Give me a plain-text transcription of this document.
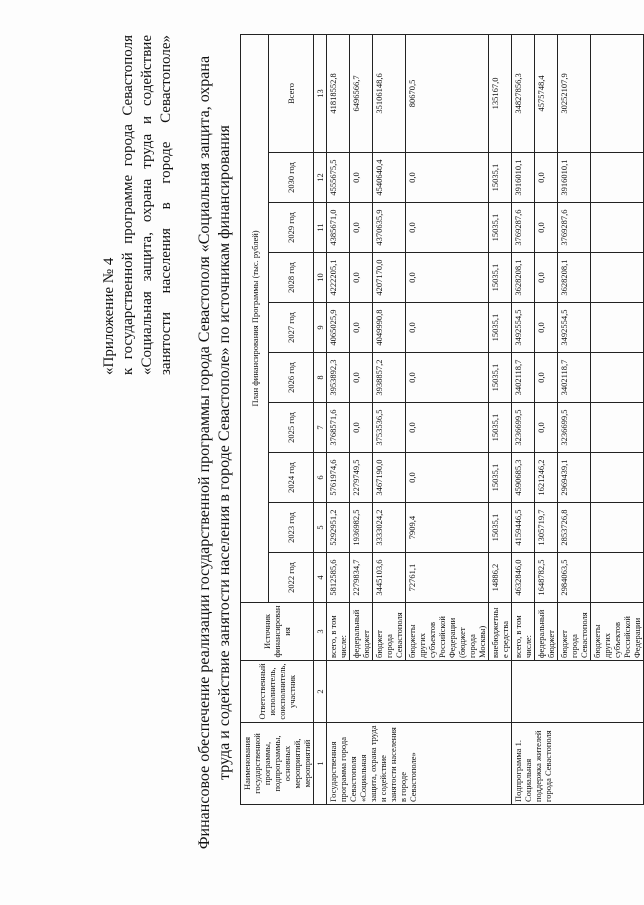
«Приложение № 4 к государственной программе города Севастополя «Социальная защита, охрана труда и содействие занятости населения в городе Севастополе» Финансовое обеспечение реализации государственной программы города Севастополя «Социальная защита, охрана труда и содействие занятости населения в городе Севастополе» по источникам финансирования Наименования государственной программы, подпрограммы, основных мероприятий, мероприятий	Ответственный исполнитель, соисполнитель, участник	Источник финансирования	План финансирования Программы (тыс. рублей)									
			2022 год	2023 год	2024 год	2025 год	2026 год	2027 год	2028 год	2029 год	2030 год	Всего
1	2	3	4	5	6	7	8	9	10	11	12	13
Государственная программа города Севастополя «Социальная защита, охрана труда и содействие занятости населения в городе Севастополе»		всего, в том числе:	5812585,6	5292951,2	5761974,6	3768571,6	3953892,3	4065025,9	4222205,1	4385671,0	4555675,5	41818552,8
		федеральный бюджет	2279834,7	1936982,5	2279749,5	0,0	0,0	0,0	0,0	0,0	0,0	6496566,7
		бюджет города Севастополя	3445103,6	3333024,2	3467190,0	3753536,5	3938857,2	4049990,8	4207170,0	4370635,9	4540640,4	35106148,6
		бюджеты других субъектов Российской Федерации (бюджет города Москвы)	72761,1	7909,4	0,0	0,0	0,0	0,0	0,0	0,0	0,0	80670,5
		внебюджетные средства	14886,2	15035,1	15035,1	15035,1	15035,1	15035,1	15035,1	15035,1	15035,1	135167,0
Подпрограмма 1. Социальная поддержка жителей города Севастополя		всего, в том числе:	4632846,0	4159446,5	4590685,3	3236699,5	3402118,7	3492554,5	3628208,1	3769287,6	3916010,1	34827856,3
		федеральный бюджет	1648782,5	1305719,7	1621246,2	0,0	0,0	0,0	0,0	0,0	0,0	4575748,4
		бюджет города Севастополя	2984063,5	2853726,8	2969439,1	3236699,5	3402118,7	3492554,5	3628208,1	3769287,6	3916010,1	30252107,9
		бюджеты других субъектов Российской Федерации										
